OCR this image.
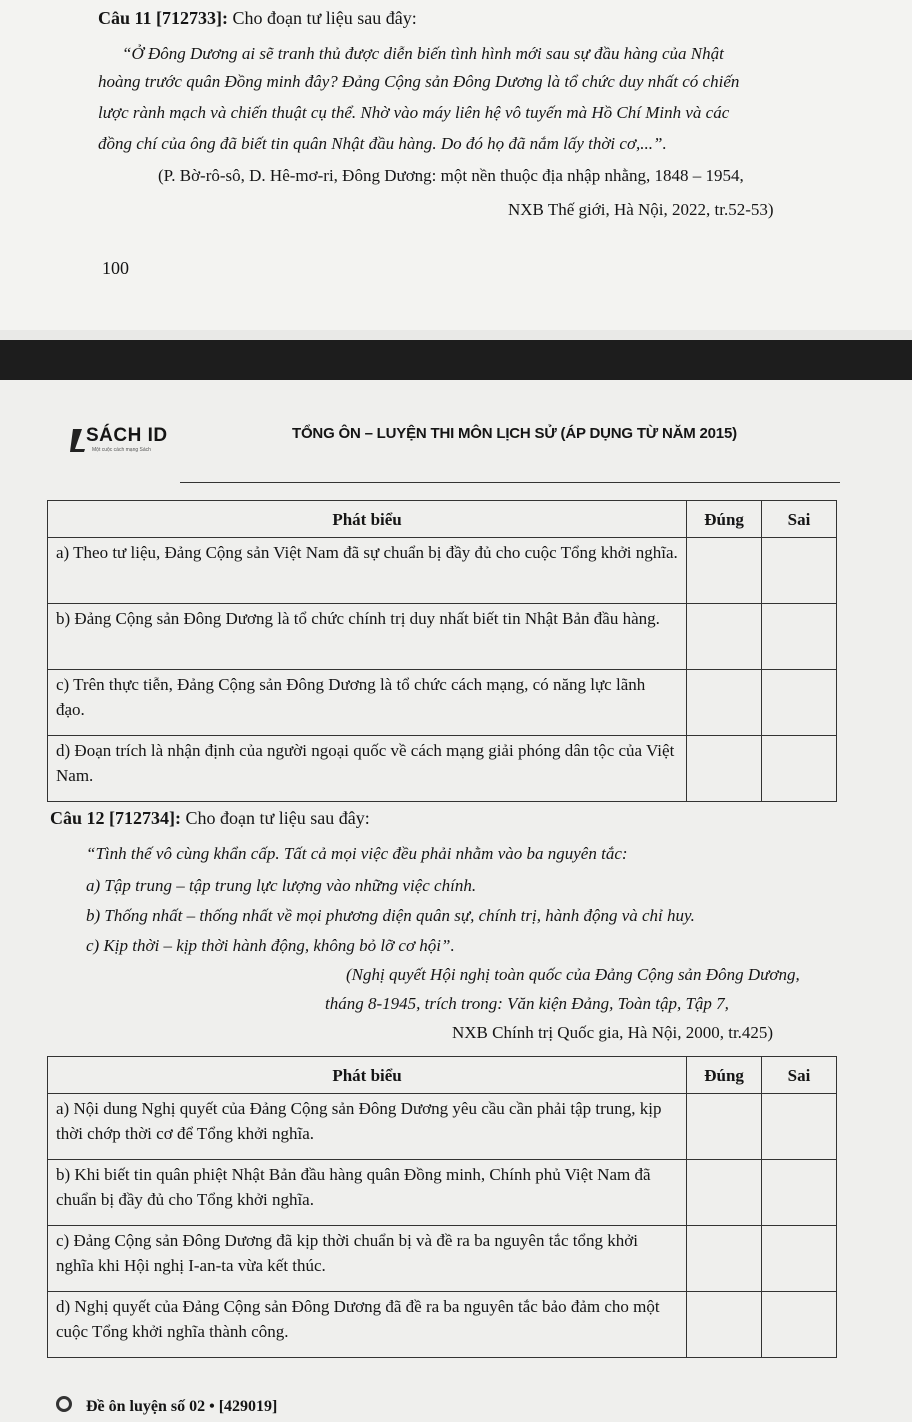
Câu 11 [712733]: Cho đoạn tư liệu sau đây:
“Ở Đông Dương ai sẽ tranh thủ được diễn biến tình hình mới sau sự đầu hàng của Nhật
hoàng trước quân Đồng minh đây? Đảng Cộng sản Đông Dương là tổ chức duy nhất có chiến
lược rành mạch và chiến thuật cụ thể. Nhờ vào máy liên hệ vô tuyến mà Hồ Chí Minh và các
đồng chí của ông đã biết tin quân Nhật đầu hàng. Do đó họ đã nắm lấy thời cơ,...”.
(P. Bờ-rô-sô, D. Hê-mơ-ri, Đông Dương: một nền thuộc địa nhập nhằng, 1848 – 1954,
NXB Thế giới, Hà Nội, 2022, tr.52-53)
100
SÁCH ID
Một cuộc cách mạng Sách
TỔNG ÔN – LUYỆN THI MÔN LỊCH SỬ (ÁP DỤNG TỪ NĂM 2015)
Phát biểu	Đúng	Sai
a) Theo tư liệu, Đảng Cộng sản Việt Nam đã sự chuẩn bị đầy đủ cho cuộc Tổng khởi nghĩa.		
b) Đảng Cộng sản Đông Dương là tổ chức chính trị duy nhất biết tin Nhật Bản đầu hàng.		
c) Trên thực tiễn, Đảng Cộng sản Đông Dương là tổ chức cách mạng, có năng lực lãnh đạo.		
d) Đoạn trích là nhận định của người ngoại quốc về cách mạng giải phóng dân tộc của Việt Nam.		
Câu 12 [712734]: Cho đoạn tư liệu sau đây:
“Tình thế vô cùng khẩn cấp. Tất cả mọi việc đều phải nhằm vào ba nguyên tắc:
a) Tập trung – tập trung lực lượng vào những việc chính.
b) Thống nhất – thống nhất về mọi phương diện quân sự, chính trị, hành động và chỉ huy.
c) Kịp thời – kịp thời hành động, không bỏ lỡ cơ hội”.
(Nghị quyết Hội nghị toàn quốc của Đảng Cộng sản Đông Dương,
tháng 8-1945, trích trong: Văn kiện Đảng, Toàn tập, Tập 7,
NXB Chính trị Quốc gia, Hà Nội, 2000, tr.425)
Phát biểu	Đúng	Sai
a) Nội dung Nghị quyết của Đảng Cộng sản Đông Dương yêu cầu cần phải tập trung, kịp thời chớp thời cơ để Tổng khởi nghĩa.		
b) Khi biết tin quân phiệt Nhật Bản đầu hàng quân Đồng minh, Chính phủ Việt Nam đã chuẩn bị đầy đủ cho Tổng khởi nghĩa.		
c) Đảng Cộng sản Đông Dương đã kịp thời chuẩn bị và đề ra ba nguyên tắc tổng khởi nghĩa khi Hội nghị I-an-ta vừa kết thúc.		
d) Nghị quyết của Đảng Cộng sản Đông Dương đã đề ra ba nguyên tắc bảo đảm cho một cuộc Tổng khởi nghĩa thành công.		
Đề ôn luyện số 02 • [429019]
